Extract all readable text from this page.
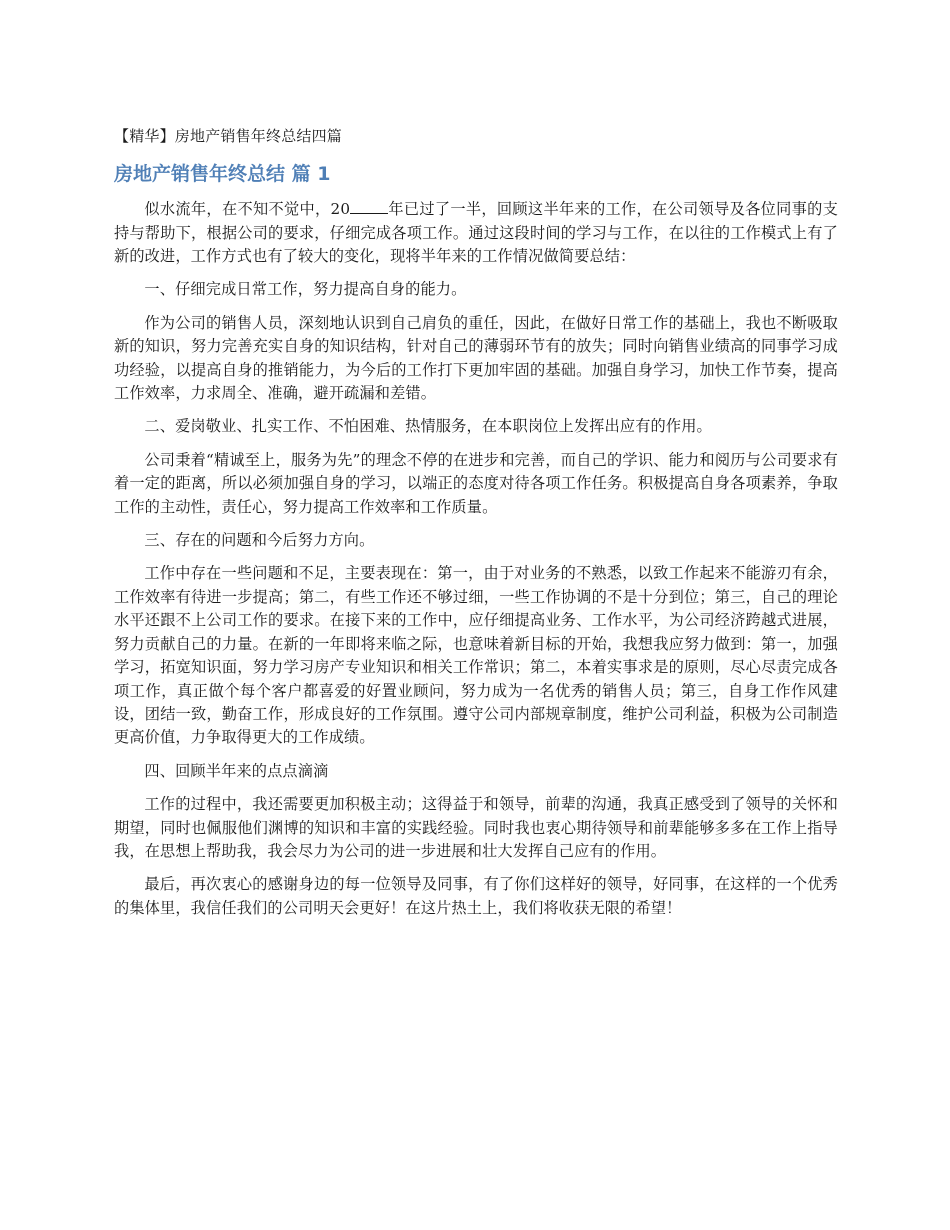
【精华】房地产销售年终总结四篇
房地产销售年终总结 篇 1

似水流年，在不知不觉中，20	年已过了一半，回顾这半年来的工作，在公司领导及各位同事的支持与帮助下，根据公司的要求，仔细完成各项工作。通过这段时间的学习与工作，在以往的工作模式上有了新的改进，工作方式也有了较大的变化，现将半年来的工作情况做简要总结：

一、仔细完成日常工作，努力提高自身的能力。

作为公司的销售人员，深刻地认识到自己肩负的重任，因此，在做好日常工作的基础上，我也不断吸取新的知识，努力完善充实自身的知识结构，针对自己的薄弱环节有的放失；同时向销售业绩高的同事学习成功经验，以提高自身的推销能力，为今后的工作打下更加牢固的基础。加强自身学习，加快工作节奏，提高工作效率，力求周全、准确，避开疏漏和差错。

二、爱岗敬业、扎实工作、不怕困难、热情服务，在本职岗位上发挥出应有的作用。

公司秉着“精诚至上，服务为先”的理念不停的在进步和完善，而自己的学识、能力和阅历与公司要求有着一定的距离，所以必须加强自身的学习，以端正的态度对待各项工作任务。积极提高自身各项素养，争取工作的主动性，责任心，努力提高工作效率和工作质量。

三、存在的问题和今后努力方向。

工作中存在一些问题和不足，主要表现在：第一，由于对业务的不熟悉，以致工作起来不能游刃有余，工作效率有待进一步提高；第二，有些工作还不够过细，一些工作协调的不是十分到位；第三，自己的理论水平还跟不上公司工作的要求。在接下来的工作中，应仔细提高业务、工作水平，为公司经济跨越式进展，努力贡献自己的力量。在新的一年即将来临之际，也意味着新目标的开始，我想我应努力做到：第一，加强学习，拓宽知识面，努力学习房产专业知识和相关工作常识；第二，本着实事求是的原则，尽心尽责完成各项工作，真正做个每个客户都喜爱的好置业顾问，努力成为一名优秀的销售人员；第三，自身工作作风建设，团结一致，勤奋工作，形成良好的工作氛围。遵守公司内部规章制度，维护公司利益，积极为公司制造更高价值，力争取得更大的工作成绩。

四、回顾半年来的点点滴滴

工作的过程中，我还需要更加积极主动；这得益于和领导，前辈的沟通，我真正感受到了领导的关怀和期望，同时也佩服他们渊博的知识和丰富的实践经验。同时我也衷心期待领导和前辈能够多多在工作上指导我，在思想上帮助我，我会尽力为公司的进一步进展和壮大发挥自己应有的作用。

最后，再次衷心的感谢身边的每一位领导及同事，有了你们这样好的领导，好同事，在这样的一个优秀的集体里，我信任我们的公司明天会更好！在这片热土上，我们将收获无限的希望！
